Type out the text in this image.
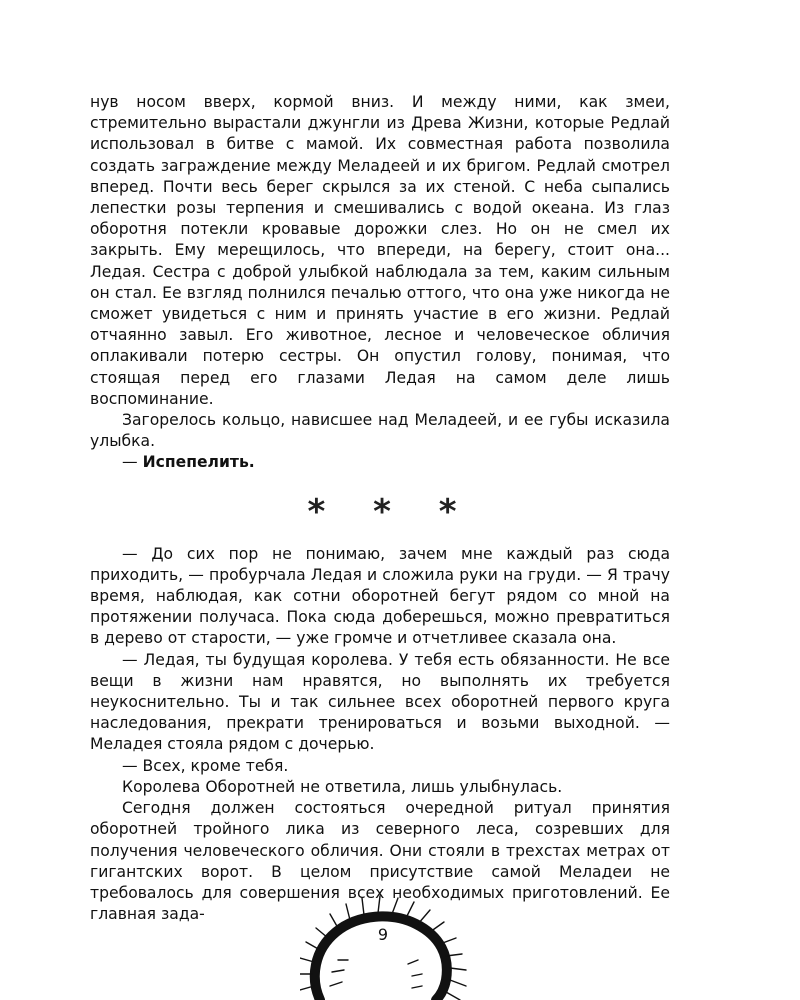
нув носом вверх, кормой вниз. И между ними, как змеи, стремительно вырастали джунгли из Древа Жизни, которые Редлай использовал в битве с мамой. Их совместная работа позволила создать заграждение между Меладеей и их бригом. Редлай смотрел вперед. Почти весь берег скрылся за их стеной. С неба сыпались лепестки розы терпения и смешивались с водой океана. Из глаз оборотня потекли кровавые дорожки слез. Но он не смел их закрыть. Ему мерещилось, что впереди, на берегу, стоит она... Ледая. Сестра с доброй улыбкой наблюдала за тем, каким сильным он стал. Ее взгляд полнился печалью оттого, что она уже никогда не сможет увидеться с ним и принять участие в его жизни. Редлай отчаянно завыл. Его животное, лесное и человеческое обличия оплакивали потерю сестры. Он опустил голову, понимая, что стоящая перед его глазами Ледая на самом деле лишь воспоминание.

Загорелось кольцо, нависшее над Меладеей, и ее губы исказила улыбка.

— Испепелить.

* * *

— До сих пор не понимаю, зачем мне каждый раз сюда приходить, — пробурчала Ледая и сложила руки на груди. — Я трачу время, наблюдая, как сотни оборотней бегут рядом со мной на протяжении получаса. Пока сюда доберешься, можно превратиться в дерево от старости, — уже громче и отчетливее сказала она.

— Ледая, ты будущая королева. У тебя есть обязанности. Не все вещи в жизни нам нравятся, но выполнять их требуется неукоснительно. Ты и так сильнее всех оборотней первого круга наследования, прекрати тренироваться и возьми выходной. — Меладея стояла рядом с дочерью.

— Всех, кроме тебя.

Королева Оборотней не ответила, лишь улыбнулась.

Сегодня должен состояться очередной ритуал принятия оборотней тройного лика из северного леса, созревших для получения человеческого обличия. Они стояли в трехстах метрах от гигантских ворот. В целом присутствие самой Меладеи не требовалось для совершения всех необходимых приготовлений. Ее главная зада-

9
